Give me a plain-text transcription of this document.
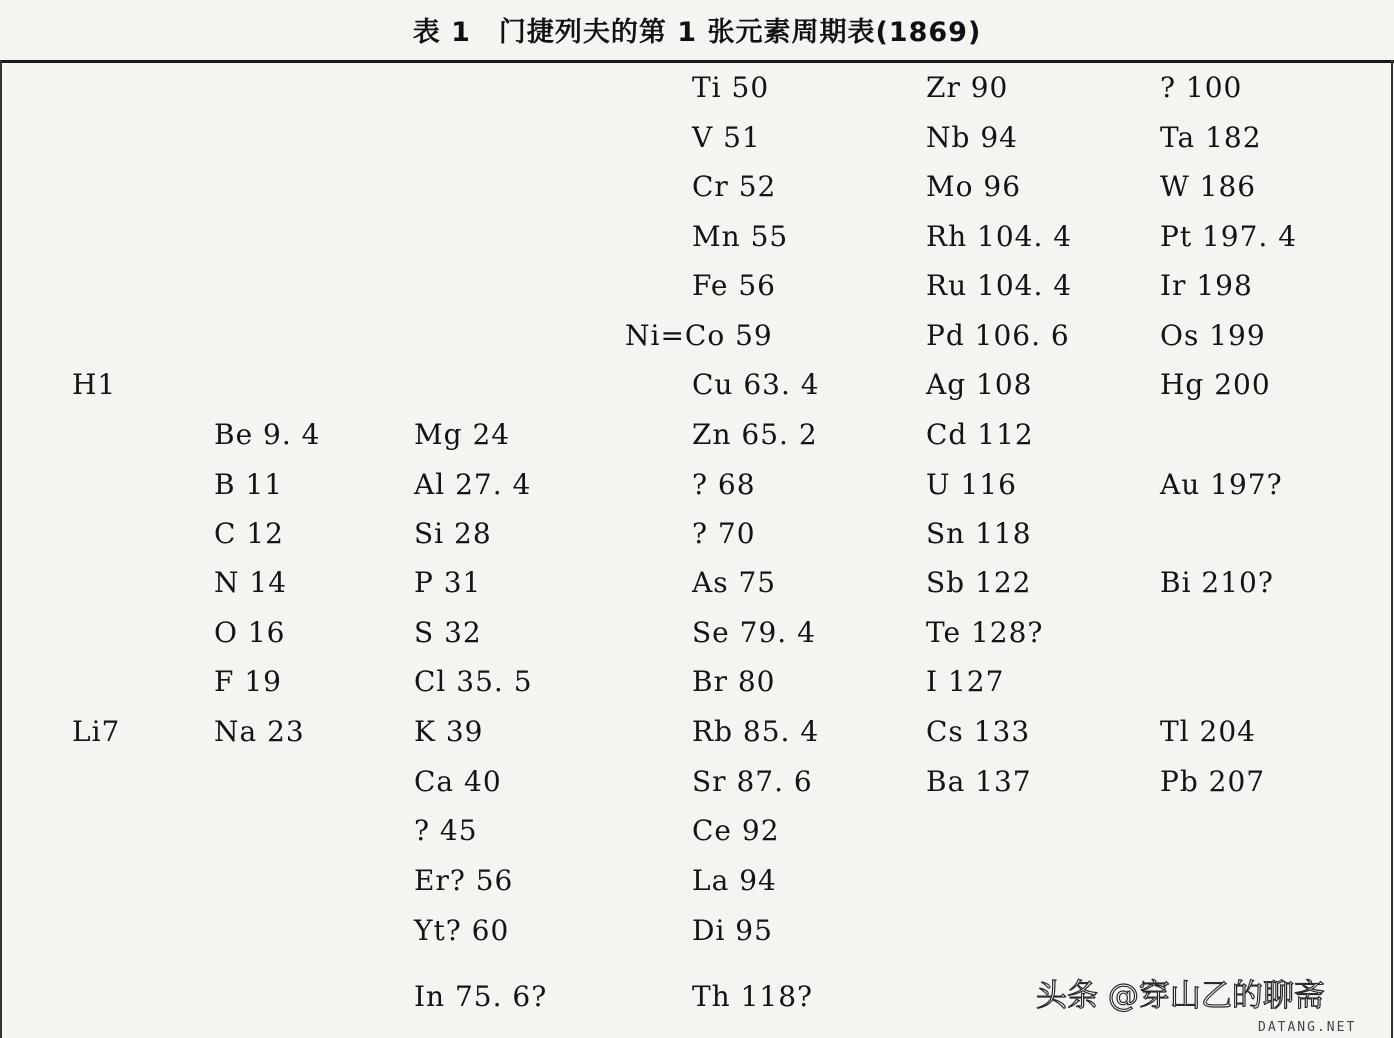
表 1　门捷列夫的第 1 张元素周期表(1869)
H1
Li7
Be 9. 4
B 11
C 12
N 14
O 16
F 19
Na 23
Mg 24
Al 27. 4
Si 28
P 31
S 32
Cl 35. 5
K 39
Ca 40
? 45
Er? 56
Yt? 60
In 75. 6?
Ti 50
V 51
Cr 52
Mn 55
Fe 56
Ni=Co 59
Cu 63. 4
Zn 65. 2
? 68
? 70
As 75
Se 79. 4
Br 80
Rb 85. 4
Sr 87. 6
Ce 92
La 94
Di 95
Th 118?
Zr 90
Nb 94
Mo 96
Rh 104. 4
Ru 104. 4
Pd 106. 6
Ag 108
Cd 112
U 116
Sn 118
Sb 122
Te 128?
I 127
Cs 133
Ba 137
? 100
Ta 182
W 186
Pt 197. 4
Ir 198
Os 199
Hg 200
Au 197?
Bi 210?
Tl 204
Pb 207
头条 @穿山乙的聊斋
DATANG.NET
